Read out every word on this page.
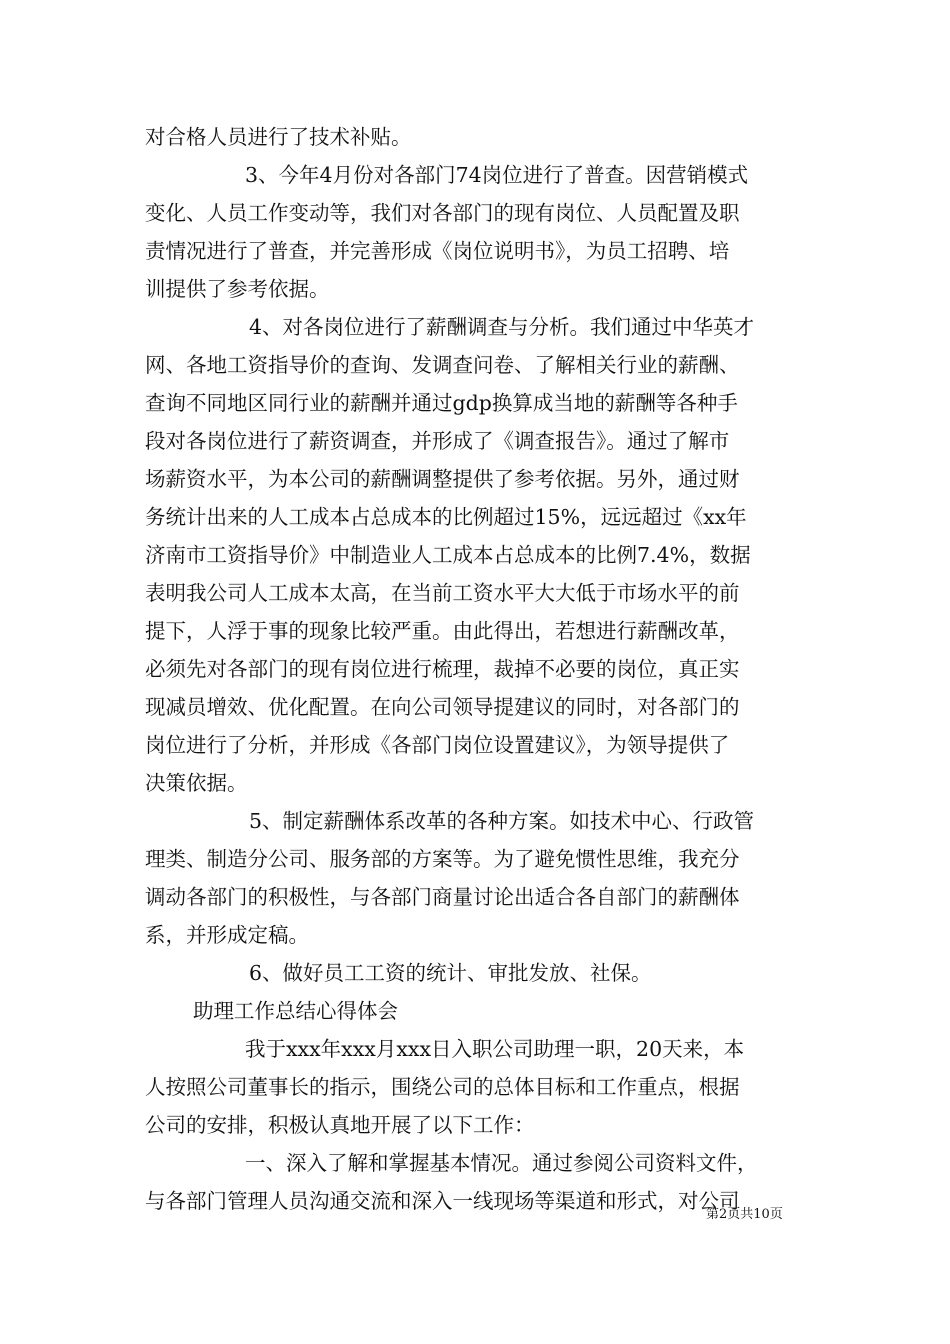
对合格人员进行了技术补贴。
3、今年4月份对各部门74岗位进行了普查。因营销模式
变化、人员工作变动等，我们对各部门的现有岗位、人员配置及职
责情况进行了普查，并完善形成《岗位说明书》，为员工招聘、培
训提供了参考依据。
4、对各岗位进行了薪酬调查与分析。我们通过中华英才
网、各地工资指导价的查询、发调查问卷、了解相关行业的薪酬、
查询不同地区同行业的薪酬并通过gdp换算成当地的薪酬等各种手
段对各岗位进行了薪资调查，并形成了《调查报告》。通过了解市
场薪资水平，为本公司的薪酬调整提供了参考依据。另外，通过财
务统计出来的人工成本占总成本的比例超过15%，远远超过《xx年
济南市工资指导价》中制造业人工成本占总成本的比例7.4%，数据
表明我公司人工成本太高，在当前工资水平大大低于市场水平的前
提下，人浮于事的现象比较严重。由此得出，若想进行薪酬改革，
必须先对各部门的现有岗位进行梳理，裁掉不必要的岗位，真正实
现减员增效、优化配置。在向公司领导提建议的同时，对各部门的
岗位进行了分析，并形成《各部门岗位设置建议》，为领导提供了
决策依据。
5、制定薪酬体系改革的各种方案。如技术中心、行政管
理类、制造分公司、服务部的方案等。为了避免惯性思维，我充分
调动各部门的积极性，与各部门商量讨论出适合各自部门的薪酬体
系，并形成定稿。
6、做好员工工资的统计、审批发放、社保。
助理工作总结心得体会
我于xxx年xxx月xxx日入职公司助理一职，20天来，本
人按照公司董事长的指示，围绕公司的总体目标和工作重点，根据
公司的安排，积极认真地开展了以下工作：
一、深入了解和掌握基本情况。通过参阅公司资料文件，
与各部门管理人员沟通交流和深入一线现场等渠道和形式，对公司
第2页共10页
